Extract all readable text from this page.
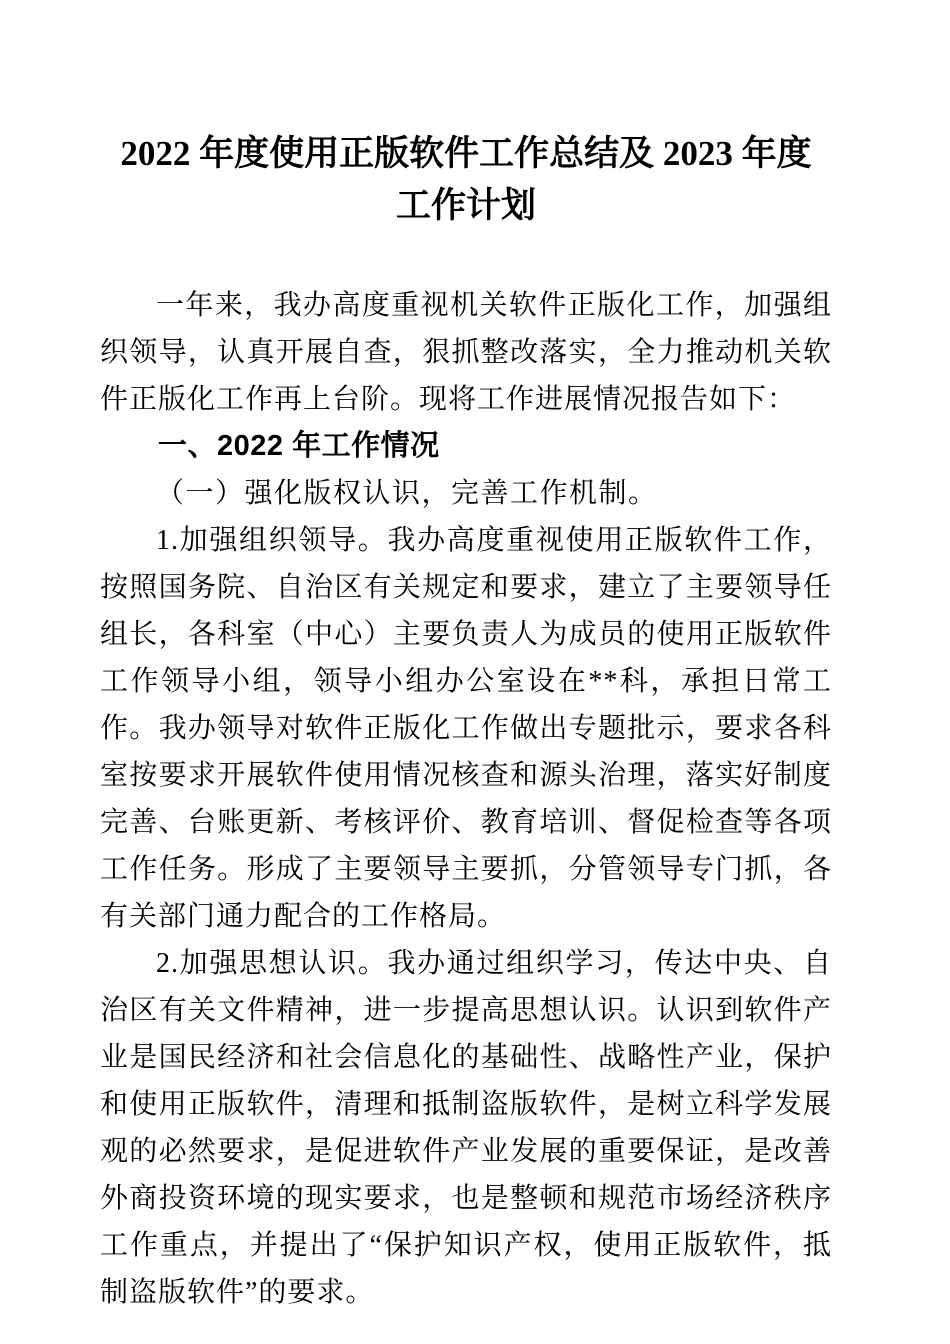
2022 年度使用正版软件工作总结及 2023 年度
工作计划

一年来，我办高度重视机关软件正版化工作，加强组织领导，认真开展自查，狠抓整改落实，全力推动机关软件正版化工作再上台阶。现将工作进展情况报告如下：

一、2022 年工作情况

（一）强化版权认识，完善工作机制。

1.加强组织领导。我办高度重视使用正版软件工作，按照国务院、自治区有关规定和要求，建立了主要领导任组长，各科室（中心）主要负责人为成员的使用正版软件工作领导小组，领导小组办公室设在**科，承担日常工作。我办领导对软件正版化工作做出专题批示，要求各科室按要求开展软件使用情况核查和源头治理，落实好制度完善、台账更新、考核评价、教育培训、督促检查等各项工作任务。形成了主要领导主要抓，分管领导专门抓，各有关部门通力配合的工作格局。

2.加强思想认识。我办通过组织学习，传达中央、自治区有关文件精神，进一步提高思想认识。认识到软件产业是国民经济和社会信息化的基础性、战略性产业，保护和使用正版软件，清理和抵制盗版软件，是树立科学发展观的必然要求，是促进软件产业发展的重要保证，是改善外商投资环境的现实要求，也是整顿和规范市场经济秩序工作重点，并提出了“保护知识产权，使用正版软件，抵制盗版软件”的要求。
